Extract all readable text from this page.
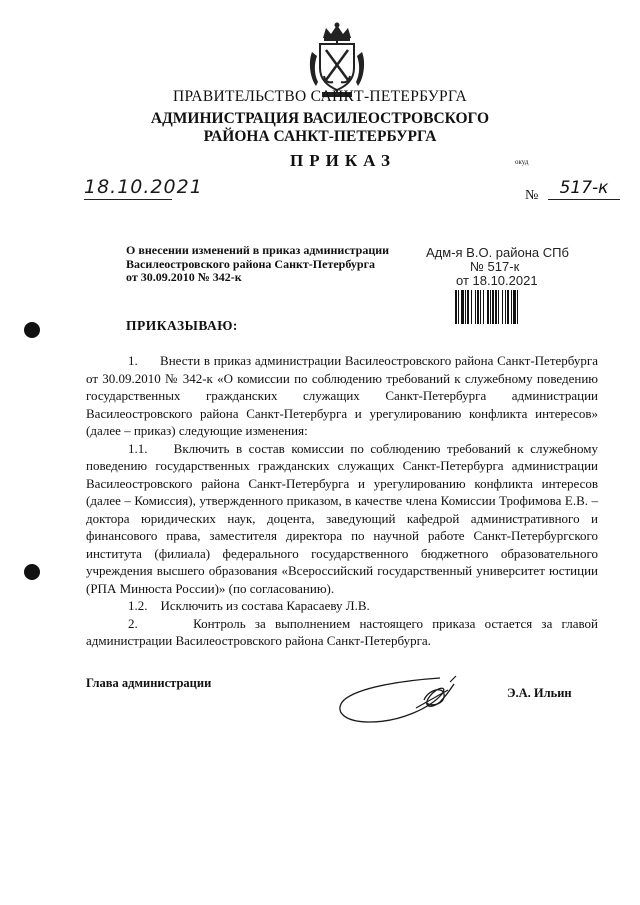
ПРАВИТЕЛЬСТВО САНКТ-ПЕТЕРБУРГА
АДМИНИСТРАЦИЯ ВАСИЛЕОСТРОВСКОГО
РАЙОНА САНКТ-ПЕТЕРБУРГА
ПРИКАЗ	окуд
18.10.2021	№	517-к
О внесении изменений в приказ администрации
Василеостровского района Санкт-Петербурга
от 30.09.2010 № 342-к
Адм-я В.О. района СПб
№ 517-к
от 18.10.2021
ПРИКАЗЫВАЮ:

1.      Внести в приказ администрации Василеостровского района Санкт-Петербурга от 30.09.2010 № 342-к «О комиссии по соблюдению требований к служебному поведению государственных гражданских служащих Санкт-Петербурга администрации Василеостровского района Санкт-Петербурга и урегулированию конфликта интересов» (далее – приказ) следующие изменения:

1.1.    Включить в состав комиссии по соблюдению требований к служебному поведению государственных гражданских служащих Санкт-Петербурга администрации Василеостровского района Санкт-Петербурга и урегулированию конфликта интересов (далее – Комиссия), утвержденного приказом, в качестве члена Комиссии Трофимова Е.В. – доктора юридических наук, доцента, заведующий кафедрой административного и финансового права, заместителя директора по научной работе Санкт-Петербургского института (филиала) федерального государственного бюджетного образовательного учреждения высшего образования «Всероссийский государственный университет юстиции (РПА Минюста России)» (по согласованию).

1.2.    Исключить из состава Карасаеву Л.В.

2.      Контроль за выполнением настоящего приказа остается за главой администрации Василеостровского района Санкт-Петербурга.

Глава администрации
Э.А. Ильин
